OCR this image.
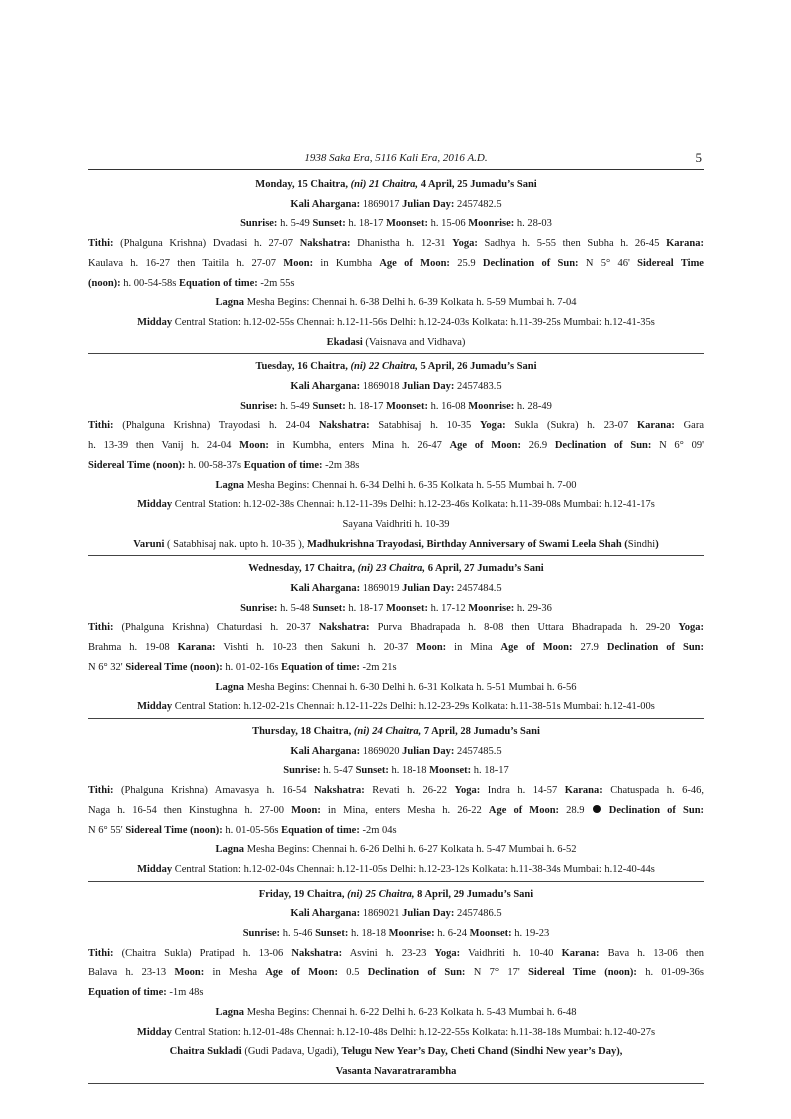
1938 Saka Era, 5116 Kali Era, 2016 A.D.	5
Monday, 15 Chaitra, (ni) 21 Chaitra, 4 April, 25 Jumadu’s Sani
Kali Ahargana: 1869017 Julian Day: 2457482.5
Sunrise: h. 5-49 Sunset: h. 18-17 Moonset: h. 15-06 Moonrise: h. 28-03
Tithi: (Phalguna Krishna) Dvadasi h. 27-07 Nakshatra: Dhanistha h. 12-31 Yoga: Sadhya h. 5-55 then Subha h. 26-45 Karana:
Kaulava h. 16-27 then Taitila h. 27-07 Moon: in Kumbha Age of Moon: 25.9 Declination of Sun: N 5° 46' Sidereal Time
(noon): h. 00-54-58s Equation of time: -2m 55s
Lagna Mesha Begins: Chennai h. 6-38 Delhi h. 6-39 Kolkata h. 5-59 Mumbai h. 7-04
Midday Central Station: h.12-02-55s Chennai: h.12-11-56s Delhi: h.12-24-03s Kolkata: h.11-39-25s Mumbai: h.12-41-35s
Ekadasi (Vaisnava and Vidhava)
Tuesday, 16 Chaitra, (ni) 22 Chaitra, 5 April, 26 Jumadu’s Sani
Kali Ahargana: 1869018 Julian Day: 2457483.5
Sunrise: h. 5-49 Sunset: h. 18-17 Moonset: h. 16-08 Moonrise: h. 28-49
Tithi: (Phalguna Krishna) Trayodasi h. 24-04 Nakshatra: Satabhisaj h. 10-35 Yoga: Sukla (Sukra) h. 23-07 Karana: Gara
h. 13-39 then Vanij h. 24-04 Moon: in Kumbha, enters Mina h. 26-47 Age of Moon: 26.9 Declination of Sun: N 6° 09'
Sidereal Time (noon): h. 00-58-37s Equation of time: -2m 38s
Lagna Mesha Begins: Chennai h. 6-34 Delhi h. 6-35 Kolkata h. 5-55 Mumbai h. 7-00
Midday Central Station: h.12-02-38s Chennai: h.12-11-39s Delhi: h.12-23-46s Kolkata: h.11-39-08s Mumbai: h.12-41-17s
Sayana Vaidhriti h. 10-39
Varuni ( Satabhisaj nak. upto h. 10-35 ), Madhukrishna Trayodasi, Birthday Anniversary of Swami Leela Shah (Sindhi)
Wednesday, 17 Chaitra, (ni) 23 Chaitra, 6 April, 27 Jumadu’s Sani
Kali Ahargana: 1869019 Julian Day: 2457484.5
Sunrise: h. 5-48 Sunset: h. 18-17 Moonset: h. 17-12 Moonrise: h. 29-36
Tithi: (Phalguna Krishna) Chaturdasi h. 20-37 Nakshatra: Purva Bhadrapada h. 8-08 then Uttara Bhadrapada h. 29-20 Yoga:
Brahma h. 19-08 Karana: Vishti h. 10-23 then Sakuni h. 20-37 Moon: in Mina Age of Moon: 27.9 Declination of Sun:
N 6° 32' Sidereal Time (noon): h. 01-02-16s Equation of time: -2m 21s
Lagna Mesha Begins: Chennai h. 6-30 Delhi h. 6-31 Kolkata h. 5-51 Mumbai h. 6-56
Midday Central Station: h.12-02-21s Chennai: h.12-11-22s Delhi: h.12-23-29s Kolkata: h.11-38-51s Mumbai: h.12-41-00s
Thursday, 18 Chaitra, (ni) 24 Chaitra, 7 April, 28 Jumadu’s Sani
Kali Ahargana: 1869020 Julian Day: 2457485.5
Sunrise: h. 5-47 Sunset: h. 18-18 Moonset: h. 18-17
Tithi: (Phalguna Krishna) Amavasya h. 16-54 Nakshatra: Revati h. 26-22 Yoga: Indra h. 14-57 Karana: Chatuspada h. 6-46,
Naga h. 16-54 then Kinstughna h. 27-00 Moon: in Mina, enters Mesha h. 26-22 Age of Moon: 28.9  Declination of Sun:
N 6° 55' Sidereal Time (noon): h. 01-05-56s Equation of time: -2m 04s
Lagna Mesha Begins: Chennai h. 6-26 Delhi h. 6-27 Kolkata h. 5-47 Mumbai h. 6-52
Midday Central Station: h.12-02-04s Chennai: h.12-11-05s Delhi: h.12-23-12s Kolkata: h.11-38-34s Mumbai: h.12-40-44s
Friday, 19 Chaitra, (ni) 25 Chaitra, 8 April, 29 Jumadu’s Sani
Kali Ahargana: 1869021 Julian Day: 2457486.5
Sunrise: h. 5-46 Sunset: h. 18-18 Moonrise: h. 6-24 Moonset: h. 19-23
Tithi: (Chaitra Sukla) Pratipad h. 13-06 Nakshatra: Asvini h. 23-23 Yoga: Vaidhriti h. 10-40 Karana: Bava h. 13-06 then
Balava h. 23-13 Moon: in Mesha Age of Moon: 0.5 Declination of Sun: N 7° 17' Sidereal Time (noon): h. 01-09-36s
Equation of time: -1m 48s
Lagna Mesha Begins: Chennai h. 6-22 Delhi h. 6-23 Kolkata h. 5-43 Mumbai h. 6-48
Midday Central Station: h.12-01-48s Chennai: h.12-10-48s Delhi: h.12-22-55s Kolkata: h.11-38-18s Mumbai: h.12-40-27s
Chaitra Sukladi (Gudi Padava, Ugadi), Telugu New Year’s Day, Cheti Chand (Sindhi New year’s Day),
Vasanta Navaratrarambha
